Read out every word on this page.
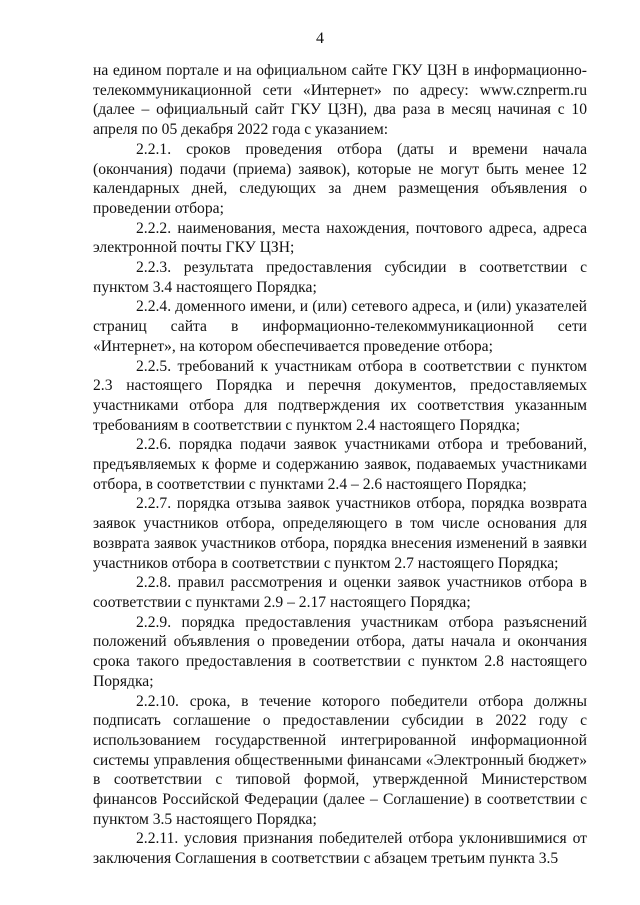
4

на едином портале и на официальном сайте ГКУ ЦЗН в информационно-телекоммуникационной сети «Интернет» по адресу: www.cznperm.ru (далее – официальный сайт ГКУ ЦЗН), два раза в месяц начиная с 10 апреля по 05 декабря 2022 года с указанием:

2.2.1. сроков проведения отбора (даты и времени начала (окончания) подачи (приема) заявок), которые не могут быть менее 12 календарных дней, следующих за днем размещения объявления о проведении отбора;

2.2.2. наименования, места нахождения, почтового адреса, адреса электронной почты ГКУ ЦЗН;

2.2.3. результата предоставления субсидии в соответствии с пунктом 3.4 настоящего Порядка;

2.2.4. доменного имени, и (или) сетевого адреса, и (или) указателей страниц сайта в информационно-телекоммуникационной сети «Интернет», на котором обеспечивается проведение отбора;

2.2.5. требований к участникам отбора в соответствии с пунктом 2.3 настоящего Порядка и перечня документов, предоставляемых участниками отбора для подтверждения их соответствия указанным требованиям в соответствии с пунктом 2.4 настоящего Порядка;

2.2.6. порядка подачи заявок участниками отбора и требований, предъявляемых к форме и содержанию заявок, подаваемых участниками отбора, в соответствии с пунктами 2.4 – 2.6 настоящего Порядка;

2.2.7. порядка отзыва заявок участников отбора, порядка возврата заявок участников отбора, определяющего в том числе основания для возврата заявок участников отбора, порядка внесения изменений в заявки участников отбора в соответствии с пунктом 2.7 настоящего Порядка;

2.2.8. правил рассмотрения и оценки заявок участников отбора в соответствии с пунктами 2.9 – 2.17 настоящего Порядка;

2.2.9. порядка предоставления участникам отбора разъяснений положений объявления о проведении отбора, даты начала и окончания срока такого предоставления в соответствии с пунктом 2.8 настоящего Порядка;

2.2.10. срока, в течение которого победители отбора должны подписать соглашение о предоставлении субсидии в 2022 году с использованием государственной интегрированной информационной системы управления общественными финансами «Электронный бюджет» в соответствии с типовой формой, утвержденной Министерством финансов Российской Федерации (далее – Соглашение) в соответствии с пунктом 3.5 настоящего Порядка;

2.2.11. условия признания победителей отбора уклонившимися от заключения Соглашения в соответствии с абзацем третьим пункта 3.5
